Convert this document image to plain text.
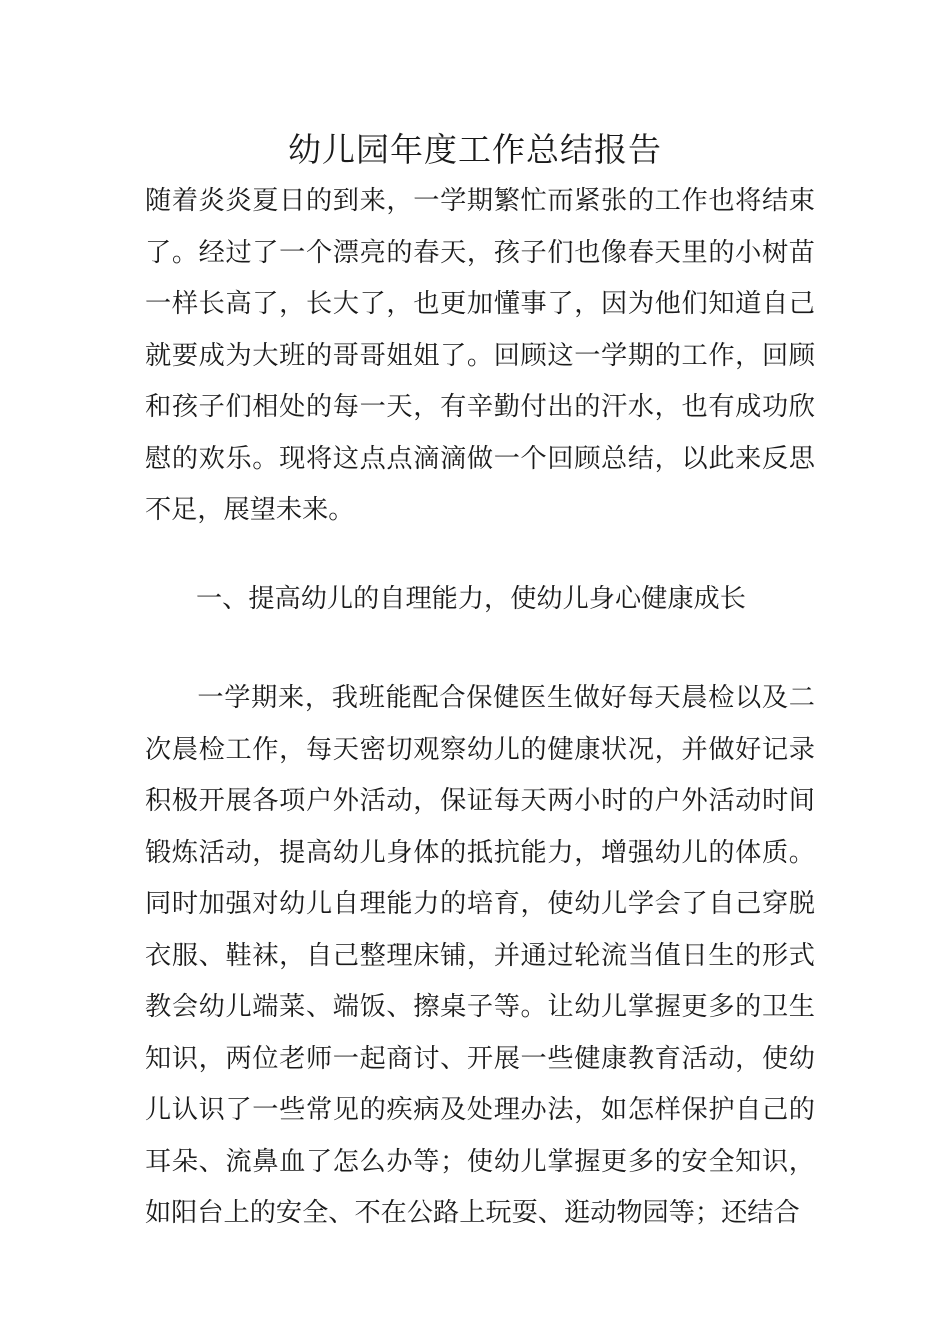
幼儿园年度工作总结报告

随着炎炎夏日的到来，一学期繁忙而紧张的工作也将结束了。经过了一个漂亮的春天，孩子们也像春天里的小树苗一样长高了，长大了，也更加懂事了，因为他们知道自己就要成为大班的哥哥姐姐了。回顾这一学期的工作，回顾和孩子们相处的每一天，有辛勤付出的汗水，也有成功欣慰的欢乐。现将这点点滴滴做一个回顾总结，以此来反思不足，展望未来。

一、提高幼儿的自理能力，使幼儿身心健康成长

一学期来，我班能配合保健医生做好每天晨检以及二次晨检工作，每天密切观察幼儿的健康状况，并做好记录积极开展各项户外活动，保证每天两小时的户外活动时间锻炼活动，提高幼儿身体的抵抗能力，增强幼儿的体质。同时加强对幼儿自理能力的培育，使幼儿学会了自己穿脱衣服、鞋袜，自己整理床铺，并通过轮流当值日生的形式教会幼儿端菜、端饭、擦桌子等。让幼儿掌握更多的卫生知识，两位老师一起商讨、开展一些健康教育活动，使幼儿认识了一些常见的疾病及处理办法，如怎样保护自己的耳朵、流鼻血了怎么办等；使幼儿掌握更多的安全知识，如阳台上的安全、不在公路上玩耍、逛动物园等；还结合
